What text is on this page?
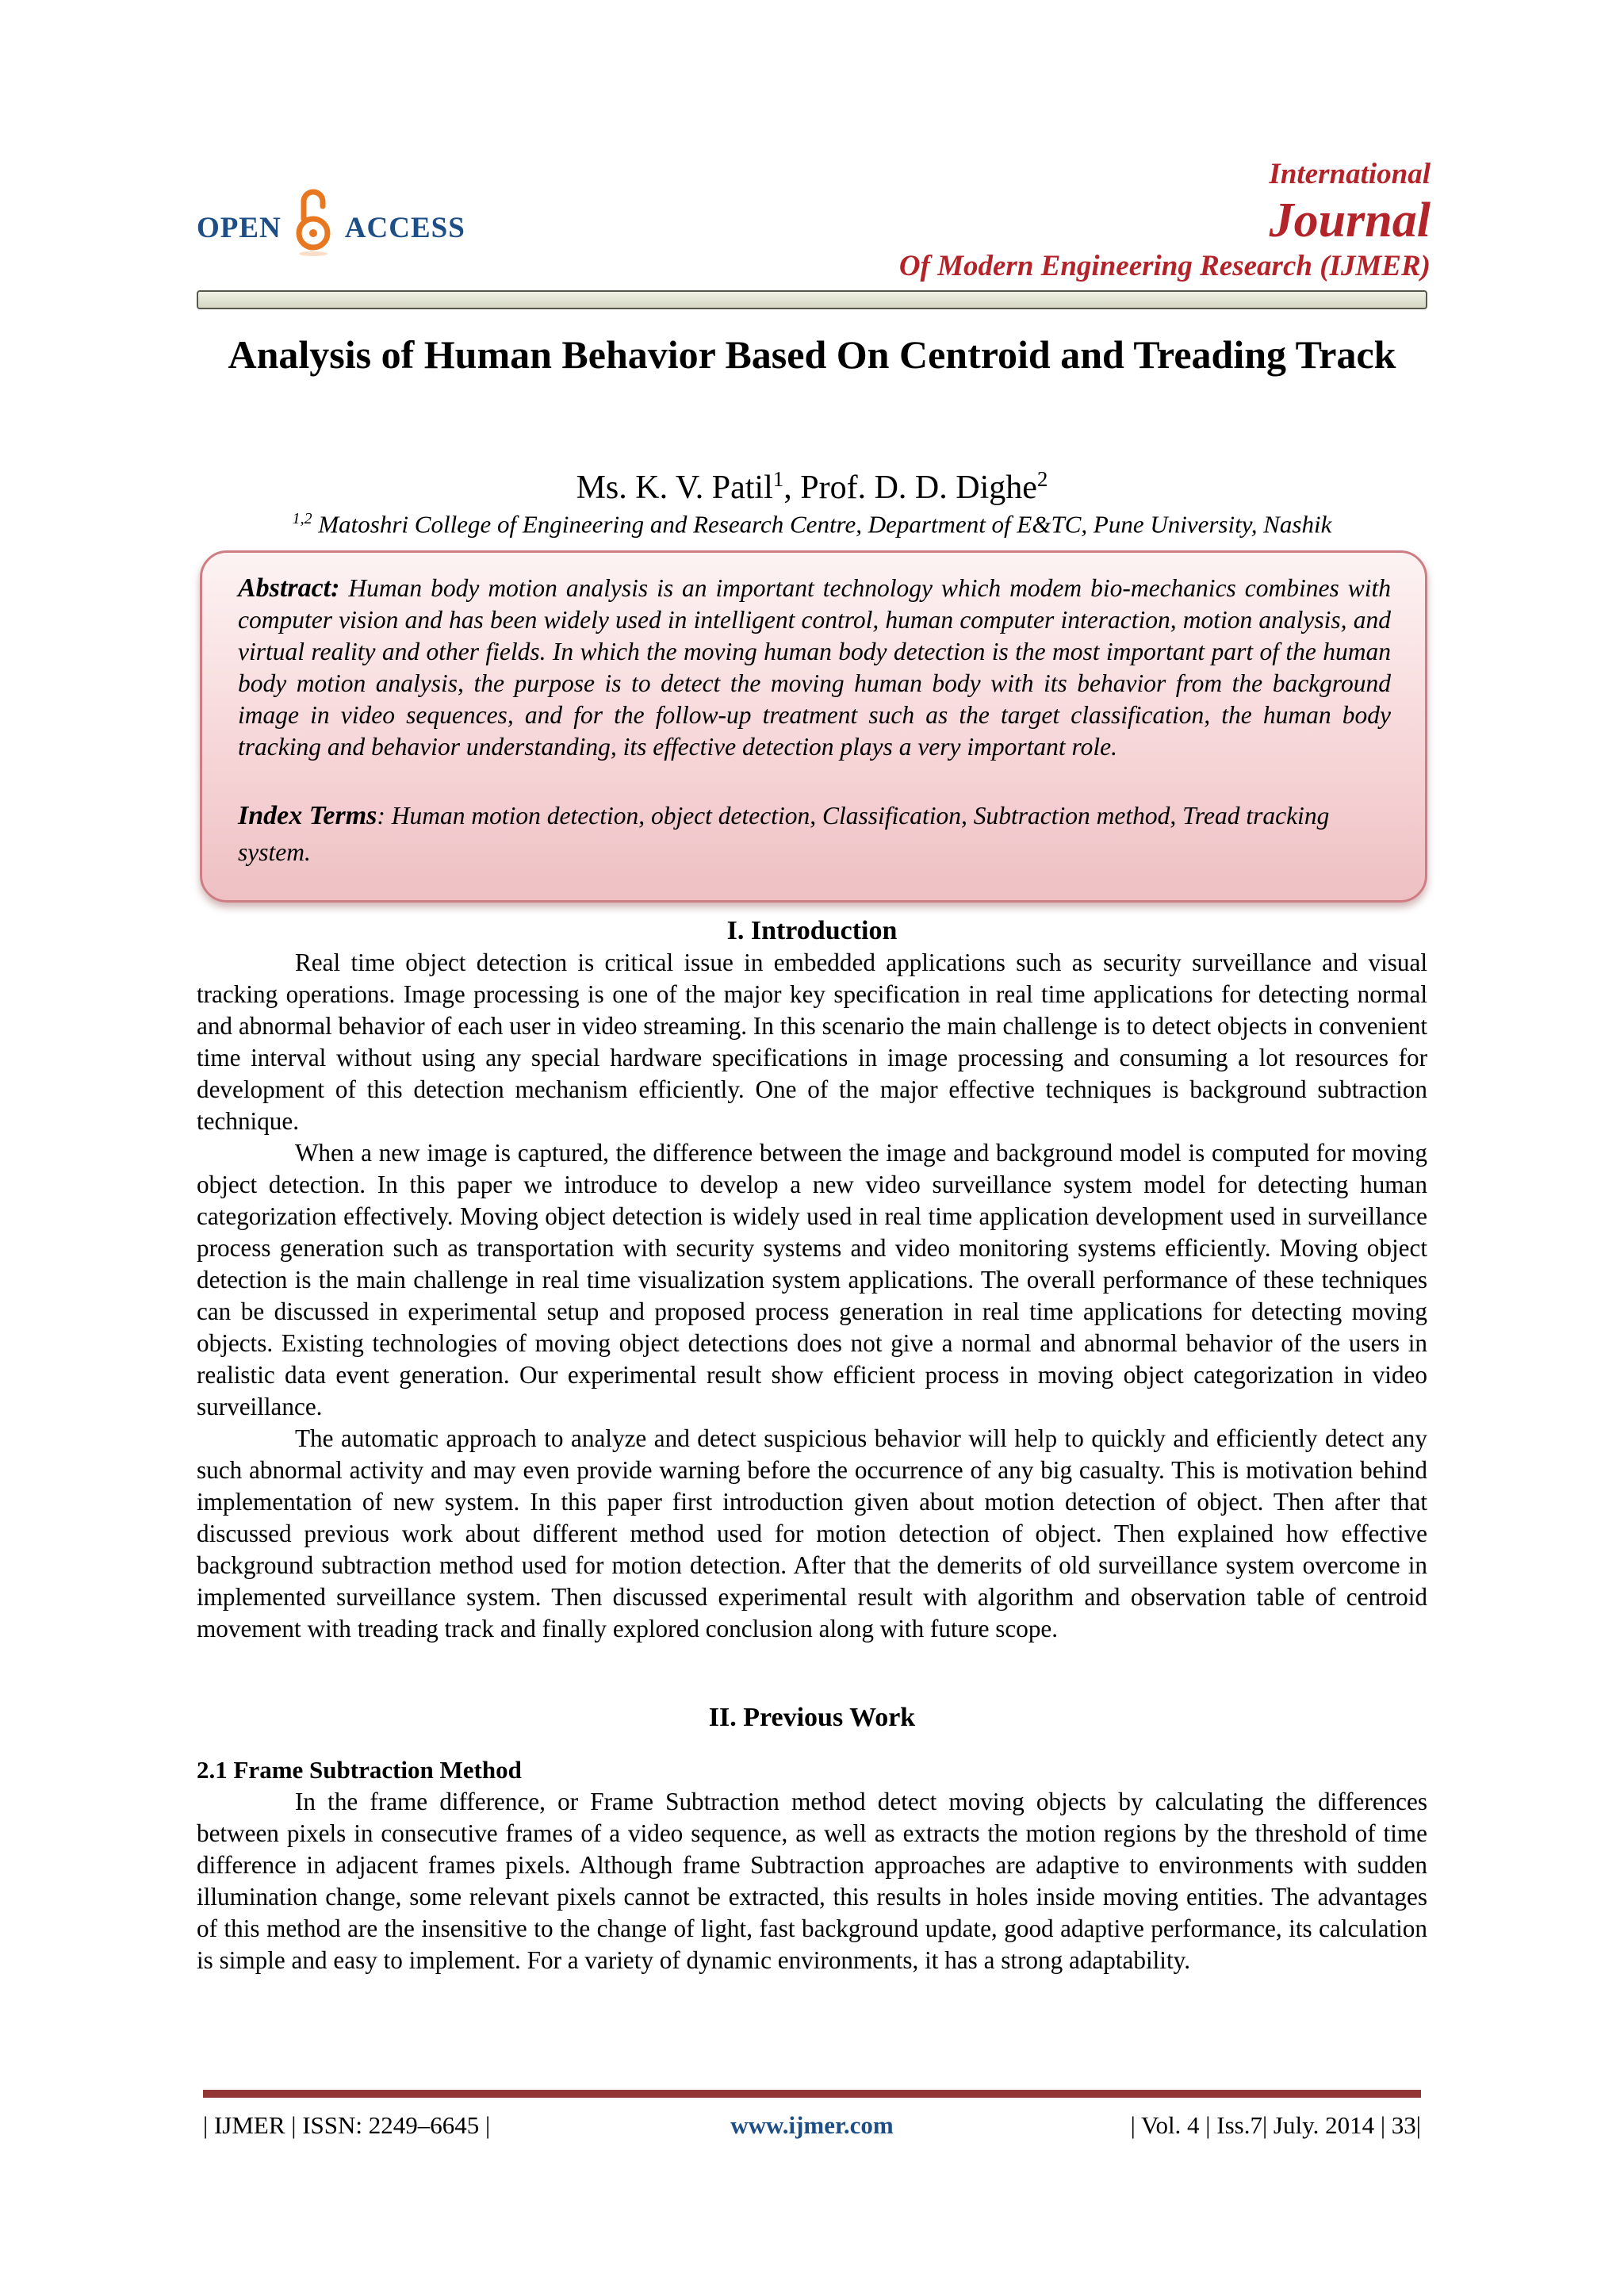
OPEN ACCESS
International
Journal
Of Modern Engineering Research (IJMER)
Analysis of Human Behavior Based On Centroid and Treading Track
Ms. K. V. Patil$^1$, Prof. D. D. Dighe$^2$
$^{1,2}$ Matoshri College of Engineering and Research Centre, Department of E&TC, Pune University, Nashik
Abstract: Human body motion analysis is an important technology which modem bio-mechanics combines with computer vision and has been widely used in intelligent control, human computer interaction, motion analysis, and virtual reality and other fields. In which the moving human body detection is the most important part of the human body motion analysis, the purpose is to detect the moving human body with its behavior from the background image in video sequences, and for the follow-up treatment such as the target classification, the human body tracking and behavior understanding, its effective detection plays a very important role.
Index Terms: Human motion detection, object detection, Classification, Subtraction method, Tread tracking system.
I. Introduction
Real time object detection is critical issue in embedded applications such as security surveillance and visual tracking operations. Image processing is one of the major key specification in real time applications for detecting normal and abnormal behavior of each user in video streaming. In this scenario the main challenge is to detect objects in convenient time interval without using any special hardware specifications in image processing and consuming a lot resources for development of this detection mechanism efficiently. One of the major effective techniques is background subtraction technique.
When a new image is captured, the difference between the image and background model is computed for moving object detection. In this paper we introduce to develop a new video surveillance system model for detecting human categorization effectively. Moving object detection is widely used in real time application development used in surveillance process generation such as transportation with security systems and video monitoring systems efficiently. Moving object detection is the main challenge in real time visualization system applications. The overall performance of these techniques can be discussed in experimental setup and proposed process generation in real time applications for detecting moving objects. Existing technologies of moving object detections does not give a normal and abnormal behavior of the users in realistic data event generation. Our experimental result show efficient process in moving object categorization in video surveillance.
The automatic approach to analyze and detect suspicious behavior will help to quickly and efficiently detect any such abnormal activity and may even provide warning before the occurrence of any big casualty. This is motivation behind implementation of new system. In this paper first introduction given about motion detection of object. Then after that discussed previous work about different method used for motion detection of object. Then explained how effective background subtraction method used for motion detection. After that the demerits of old surveillance system overcome in implemented surveillance system. Then discussed experimental result with algorithm and observation table of centroid movement with treading track and finally explored conclusion along with future scope.
II. Previous Work
2.1 Frame Subtraction Method
In the frame difference, or Frame Subtraction method detect moving objects by calculating the differences between pixels in consecutive frames of a video sequence, as well as extracts the motion regions by the threshold of time difference in adjacent frames pixels. Although frame Subtraction approaches are adaptive to environments with sudden illumination change, some relevant pixels cannot be extracted, this results in holes inside moving entities. The advantages of this method are the insensitive to the change of light, fast background update, good adaptive performance, its calculation is simple and easy to implement. For a variety of dynamic environments, it has a strong adaptability.
| IJMER | ISSN: 2249–6645 |	www.ijmer.com	| Vol. 4 | Iss.7| July. 2014 | 33|
